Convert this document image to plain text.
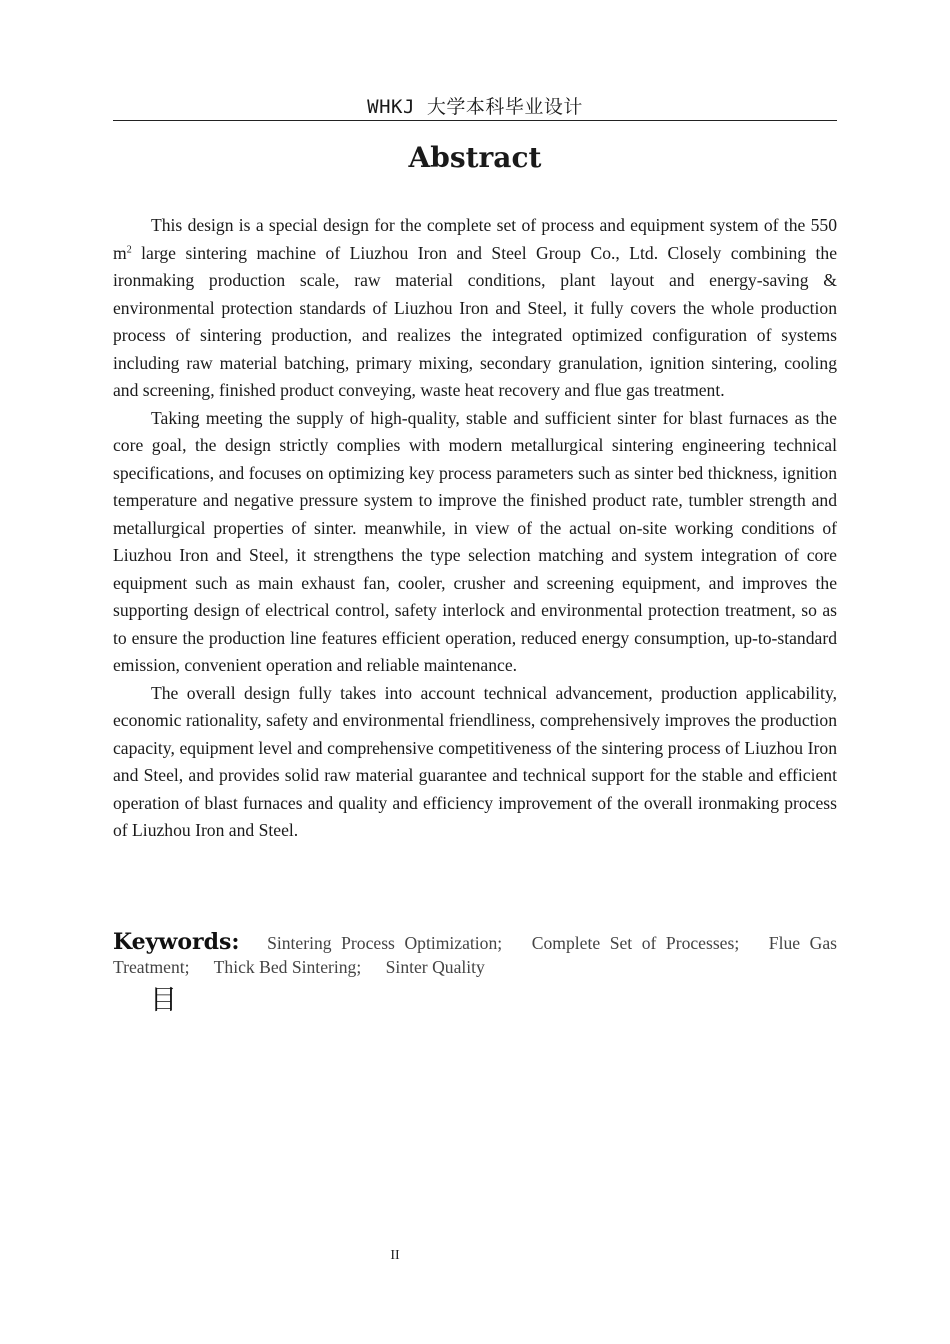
WHKJ 大学本科毕业设计
Abstract

This design is a special design for the complete set of process and equipment system of the 550 $m^2$ large sintering machine of Liuzhou Iron and Steel Group Co., Ltd. Closely combining the ironmaking production scale, raw material conditions, plant layout and energy-saving & environmental protection standards of Liuzhou Iron and Steel, it fully covers the whole production process of sintering production, and realizes the integrated optimized configuration of systems including raw material batching, primary mixing, secondary granulation, ignition sintering, cooling and screening, finished product conveying, waste heat recovery and flue gas treatment.

Taking meeting the supply of high-quality, stable and sufficient sinter for blast furnaces as the core goal, the design strictly complies with modern metallurgical sintering engineering technical specifications, and focuses on optimizing key process parameters such as sinter bed thickness, ignition temperature and negative pressure system to improve the finished product rate, tumbler strength and metallurgical properties of sinter. meanwhile, in view of the actual on-site working conditions of Liuzhou Iron and Steel, it strengthens the type selection matching and system integration of core equipment such as main exhaust fan, cooler, crusher and screening equipment, and improves the supporting design of electrical control, safety interlock and environmental protection treatment, so as to ensure the production line features efficient operation, reduced energy consumption, up-to-standard emission, convenient operation and reliable maintenance.

The overall design fully takes into account technical advancement, production applicability, economic rationality, safety and environmental friendliness, comprehensively improves the production capacity, equipment level and comprehensive competitiveness of the sintering process of Liuzhou Iron and Steel, and provides solid raw material guarantee and technical support for the stable and efficient operation of blast furnaces and quality and efficiency improvement of the overall ironmaking process of Liuzhou Iron and Steel.

Keywords: Sintering Process Optimization; Complete Set of Processes; Flue Gas Treatment; Thick Bed Sintering; Sinter Quality
目
II
